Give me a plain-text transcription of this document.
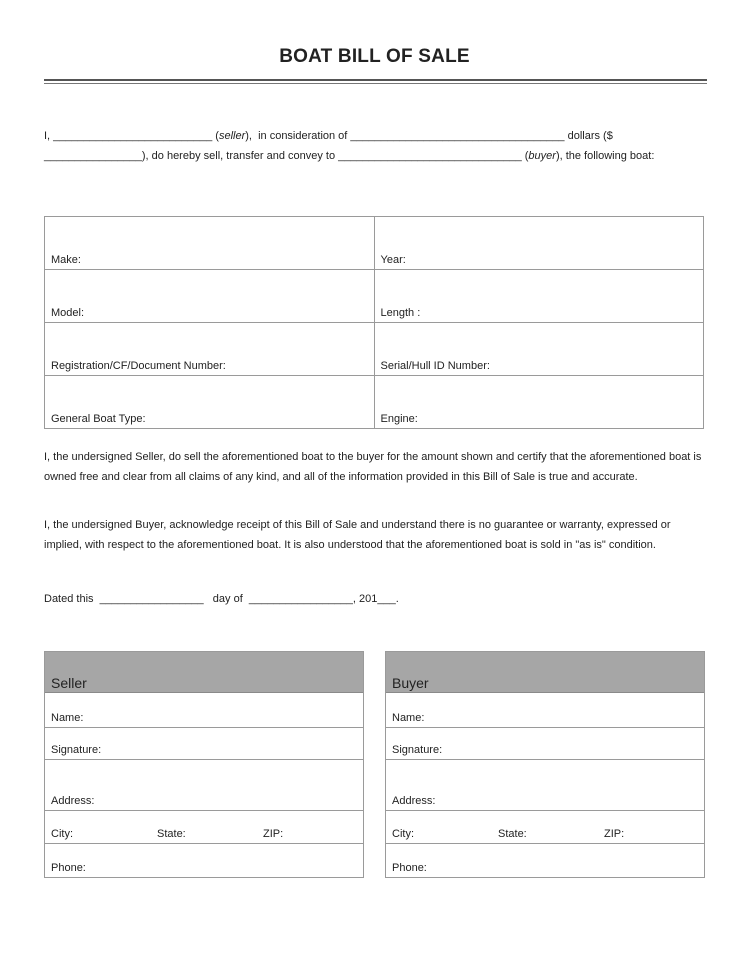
BOAT BILL OF SALE
I, __________________________ (seller),  in consideration of ___________________________________ dollars ($ ________________), do hereby sell, transfer and convey to ______________________________ (buyer), the following boat:
Make:	Year:
Model:	Length :
Registration/CF/Document Number:	Serial/Hull ID Number:
General Boat Type:	Engine:
I, the undersigned Seller, do sell the aforementioned boat to the buyer for the amount shown and certify that the aforementioned boat is owned free and clear from all claims of any kind, and all of the information provided in this Bill of Sale is true and accurate.
I, the undersigned Buyer, acknowledge receipt of this Bill of Sale and understand there is no guarantee or warranty, expressed or implied, with respect to the aforementioned boat. It is also understood that the aforementioned boat is sold in "as is" condition.
Dated this  _________________   day of  _________________, 201___.
Seller
Name:
Signature:
Address:
City:	State:	ZIP:
Phone:
Buyer
Name:
Signature:
Address:
City:	State:	ZIP:
Phone:
